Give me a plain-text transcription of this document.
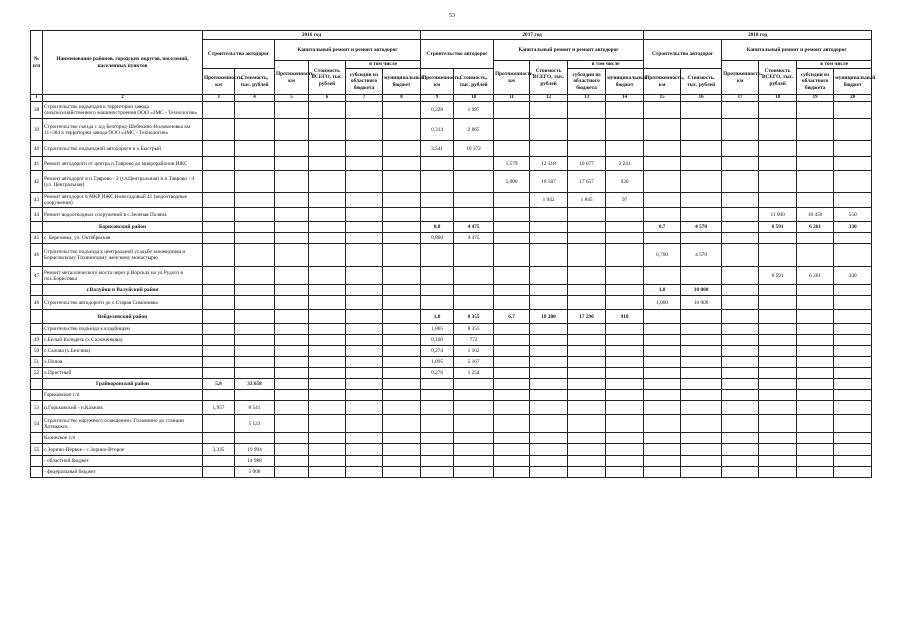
53
№ п/п	Наименование районов, городских округов, поселений, населенных пунктов	2016 год						2017 год						2018 год					
		Строительство автодорог		Капитальный ремонт и ремонт автодорог				Строительство автодорог		Капитальный ремонт и ремонт автодорог				Строительство автодорог		Капитальный ремонт и ремонт автодорог			
				Протяженность, км	Стоимость ВСЕГО, тыс. рублей	в том числе				Протяженность, км	Стоимость ВСЕГО, тыс. рублей	в том числе				Протяженность, км	Стоимость ВСЕГО, тыс. рублей	в том числе	
		Протяженность, км	Стоимость, тыс. рублей			субсидии из областного бюджета	муниципальный бюджет	Протяженность, км	Стоимость, тыс. рублей			субсидии из областного бюджета	муниципальный бюджет	Протяженность, км	Стоимость, тыс. рублей			субсидии из областного бюджета	муниципальный бюджет
1	2	3	4	5	6	7	8	9	10	11	12	13	14	15	16	17	18	19	20
38	Строительство подъездов к территории завода сельскохозяйственного машиностроения ООО «ЗМС - Технологии»							0,228	1 997										
39	Строительство съезда с а/д Белгород-Шебекино-Волоконовка км 11+384 к территории завода ООО «ЗМС - Технологии»							0,314	2 865										
40	Строительство подъездной автодороги к х.Быстрый							3,541	10 372										
41	Ремонт автодороги от центра п.Таврово до микрорайонов ИЖС									1,579	12 318	10 077	2 241						
42	Ремонт автодорог в п.Таврово - 2 (ул.Центральная) и п.Таврово - 4 (ул. Центральная)									5,000	18 587	17 657	930						
43	Ремонт автодорог в МКР ИЖС Новосадовый 41 (водоотводные сооружения)										1 942	1 845	97						
44	Ремонт водоотводных сооружений в с.Зеленая Поляна																11 000	10 450	550
	Борисовский район							0,8	4 475					0,7	4 570		6 591	6 261	330
45	с. Березовка, ул. Октябрьская							0,800	4 475										
46	Строительство подъезда к центральной усадьбе заповедника и Борисовскому Тихвинскому женскому монастырю													0,700	4 570				
47	Ремонт металлического моста через р.Ворскла на ул.Рудого в пос.Борисовка																6 591	6 261	330
	г.Валуйки и Валуйский район													1,0	10 000				
48	Строительство автодороги до с.Старая Симоновка													1,000	10 000				
	Вейделевский район							1,8	8 355	6,7	18 200	17 290	910						
	Строительство подъезда к кладбищам							1,805	8 355										
49	с.Белый Колодезь (х.Саложенкова)							0,160	772										
50	с.Салова (х.Безгина)							0,274	1 162										
51	х.Попов							1,095	5 167										
52	х.Пристный							0,276	1 254										
	Грайворонский район	5,8	33 658																
	Горьковское с/п																		
53	п.Горьковский - п.Казачок	1,957	8 541																
54	Строительство наружного освещения с.Головчино до станции Хотмыжск		5 123																
	Казинское с/п																		
55	с.Зорино-Первое - с.Зорино-Второе	3,335	19 994																
	- областной бюджет		14 988																
	- федеральный бюджет		5 006																
